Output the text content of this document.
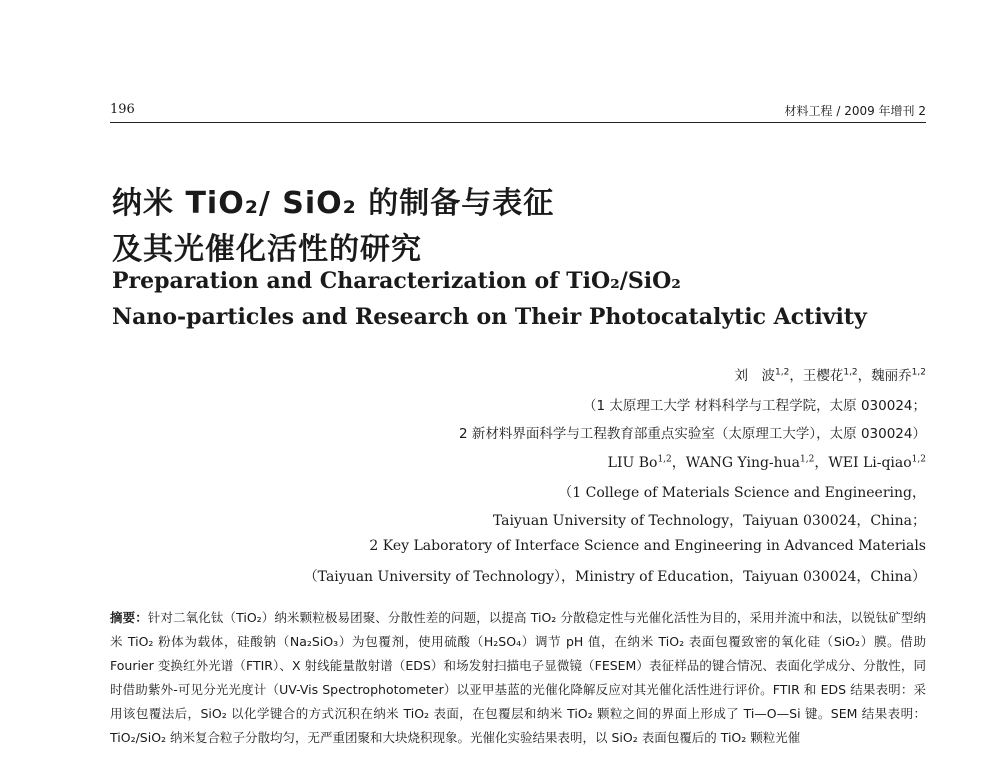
196	材料工程 / 2009 年增刊 2
纳米 TiO₂/ SiO₂ 的制备与表征
及其光催化活性的研究
Preparation and Characterization of TiO₂/SiO₂
Nano-particles and Research on Their Photocatalytic Activity

刘　波$^{1,2}$，王樱花$^{1,2}$，魏丽乔$^{1,2}$

（1 太原理工大学 材料科学与工程学院，太原 030024；

2 新材料界面科学与工程教育部重点实验室（太原理工大学），太原 030024）

LIU Bo$^{1,2}$，WANG Ying-hua$^{1,2}$，WEI Li-qiao$^{1,2}$

（1 College of Materials Science and Engineering，

Taiyuan University of Technology，Taiyuan 030024，China；

2 Key Laboratory of Interface Science and Engineering in Advanced Materials

（Taiyuan University of Technology），Ministry of Education，Taiyuan 030024，China）

摘要：针对二氧化钛（TiO₂）纳米颗粒极易团聚、分散性差的问题，以提高 TiO₂ 分散稳定性与光催化活性为目的，采用并流中和法，以锐钛矿型纳米 TiO₂ 粉体为载体，硅酸钠（Na₂SiO₃）为包覆剂，使用硫酸（H₂SO₄）调节 pH 值，在纳米 TiO₂ 表面包覆致密的氧化硅（SiO₂）膜。借助 Fourier 变换红外光谱（FTIR）、X 射线能量散射谱（EDS）和场发射扫描电子显微镜（FESEM）表征样品的键合情况、表面化学成分、分散性，同时借助紫外-可见分光光度计（UV-Vis Spectrophotometer）以亚甲基蓝的光催化降解反应对其光催化活性进行评价。FTIR 和 EDS 结果表明：采用该包覆法后，SiO₂ 以化学键合的方式沉积在纳米 TiO₂ 表面，在包覆层和纳米 TiO₂ 颗粒之间的界面上形成了 Ti—O—Si 键。SEM 结果表明：TiO₂/SiO₂ 纳米复合粒子分散均匀，无严重团聚和大块烧积现象。光催化实验结果表明，以 SiO₂ 表面包覆后的 TiO₂ 颗粒光催
